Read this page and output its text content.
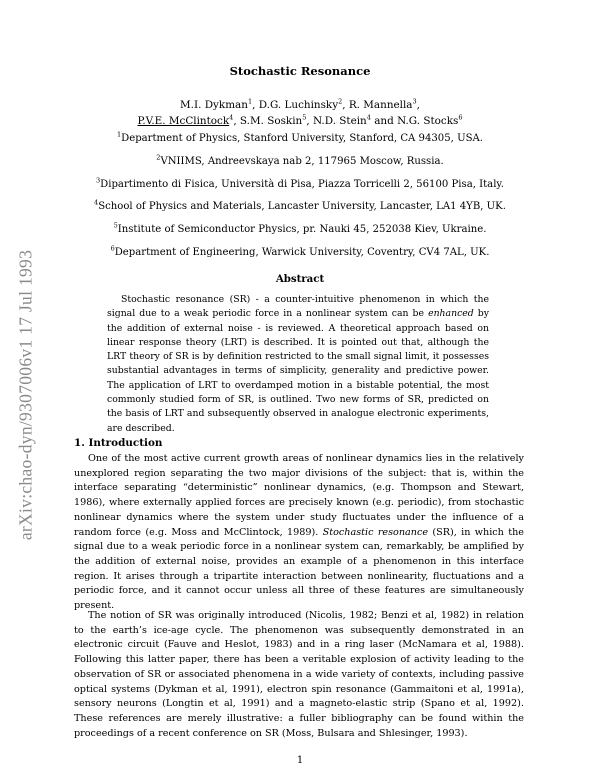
arXiv:chao-dyn/9307006v1 17 Jul 1993
Stochastic Resonance
M.I. Dykman$^1$, D.G. Luchinsky$^2$, R. Mannella$^3$,
P.V.E. McClintock$^4$, S.M. Soskin$^5$, N.D. Stein$^4$ and N.G. Stocks$^6$
$^1$Department of Physics, Stanford University, Stanford, CA 94305, USA.
$^2$VNIIMS, Andreevskaya nab 2, 117965 Moscow, Russia.
$^3$Dipartimento di Fisica, Università di Pisa, Piazza Torricelli 2, 56100 Pisa, Italy.
$^4$School of Physics and Materials, Lancaster University, Lancaster, LA1 4YB, UK.
$^5$Institute of Semiconductor Physics, pr. Nauki 45, 252038 Kiev, Ukraine.
$^6$Department of Engineering, Warwick University, Coventry, CV4 7AL, UK.
Abstract
Stochastic resonance (SR) - a counter-intuitive phenomenon in which the signal due to a weak periodic force in a nonlinear system can be enhanced by the addition of external noise - is reviewed. A theoretical approach based on linear response theory (LRT) is described. It is pointed out that, although the LRT theory of SR is by definition restricted to the small signal limit, it possesses substantial advantages in terms of simplicity, generality and predictive power. The application of LRT to overdamped motion in a bistable potential, the most commonly studied form of SR, is outlined. Two new forms of SR, predicted on the basis of LRT and subsequently observed in analogue electronic experiments, are described.
1. Introduction
One of the most active current growth areas of nonlinear dynamics lies in the relatively unexplored region separating the two major divisions of the subject: that is, within the interface separating “deterministic” nonlinear dynamics, (e.g. Thompson and Stewart, 1986), where externally applied forces are precisely known (e.g. periodic), from stochastic nonlinear dynamics where the system under study fluctuates under the influence of a random force (e.g. Moss and McClintock, 1989). Stochastic resonance (SR), in which the signal due to a weak periodic force in a nonlinear system can, remarkably, be amplified by the addition of external noise, provides an example of a phenomenon in this interface region. It arises through a tripartite interaction between nonlinearity, fluctuations and a periodic force, and it cannot occur unless all three of these features are simultaneously present.
The notion of SR was originally introduced (Nicolis, 1982; Benzi et al, 1982) in relation to the earth’s ice-age cycle. The phenomenon was subsequently demonstrated in an electronic circuit (Fauve and Heslot, 1983) and in a ring laser (McNamara et al, 1988). Following this latter paper, there has been a veritable explosion of activity leading to the observation of SR or associated phenomena in a wide variety of contexts, including passive optical systems (Dykman et al, 1991), electron spin resonance (Gammaitoni et al, 1991a), sensory neurons (Longtin et al, 1991) and a magneto-elastic strip (Spano et al, 1992). These references are merely illustrative: a fuller bibliography can be found within the proceedings of a recent conference on SR (Moss, Bulsara and Shlesinger, 1993).
1
